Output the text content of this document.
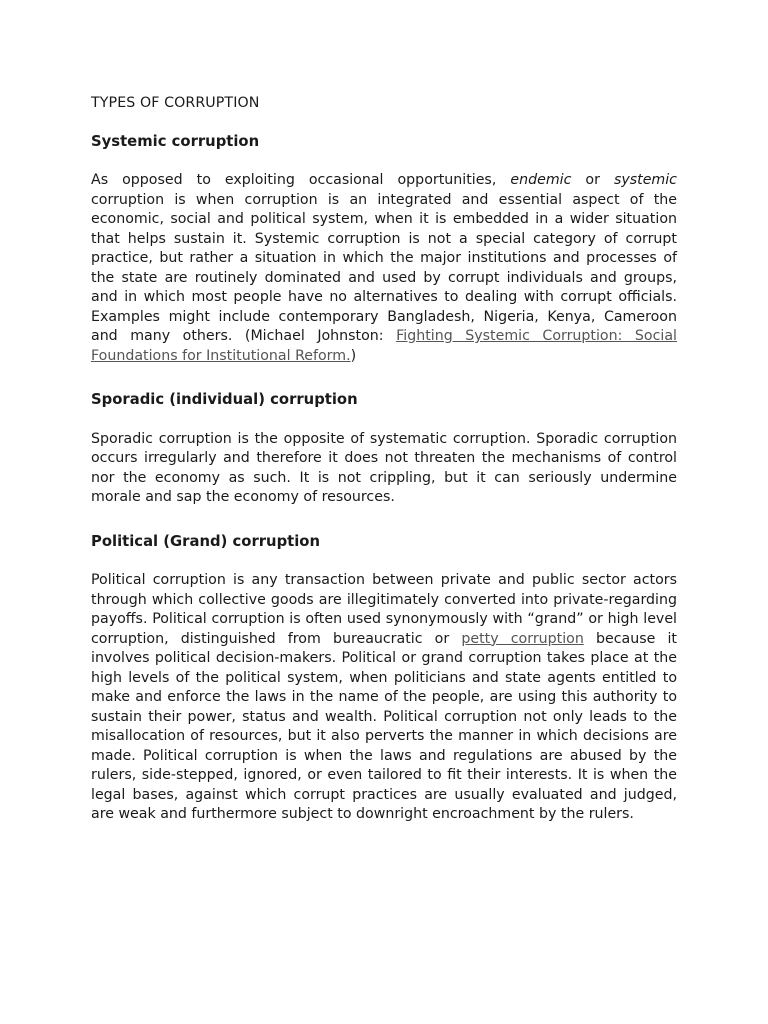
TYPES OF CORRUPTION
Systemic corruption

As opposed to exploiting occasional opportunities, endemic or systemic corruption is when corruption is an integrated and essential aspect of the economic, social and political system, when it is embedded in a wider situation that helps sustain it. Systemic corruption is not a special category of corrupt practice, but rather a situation in which the major institutions and processes of the state are routinely dominated and used by corrupt individuals and groups, and in which most people have no alternatives to dealing with corrupt officials. Examples might include contemporary Bangladesh, Nigeria, Kenya, Cameroon and many others. (Michael Johnston: Fighting Systemic Corruption: Social Foundations for Institutional Reform.)

Sporadic (individual) corruption

Sporadic corruption is the opposite of systematic corruption. Sporadic corruption occurs irregularly and therefore it does not threaten the mechanisms of control nor the economy as such. It is not crippling, but it can seriously undermine morale and sap the economy of resources.

Political (Grand) corruption

Political corruption is any transaction between private and public sector actors through which collective goods are illegitimately converted into private-regarding payoffs. Political corruption is often used synonymously with “grand” or high level corruption, distinguished from bureaucratic or petty corruption because it involves political decision-makers. Political or grand corruption takes place at the high levels of the political system, when politicians and state agents entitled to make and enforce the laws in the name of the people, are using this authority to sustain their power, status and wealth. Political corruption not only leads to the misallocation of resources, but it also perverts the manner in which decisions are made. Political corruption is when the laws and regulations are abused by the rulers, side-stepped, ignored, or even tailored to fit their interests. It is when the legal bases, against which corrupt practices are usually evaluated and judged, are weak and furthermore subject to downright encroachment by the rulers.
